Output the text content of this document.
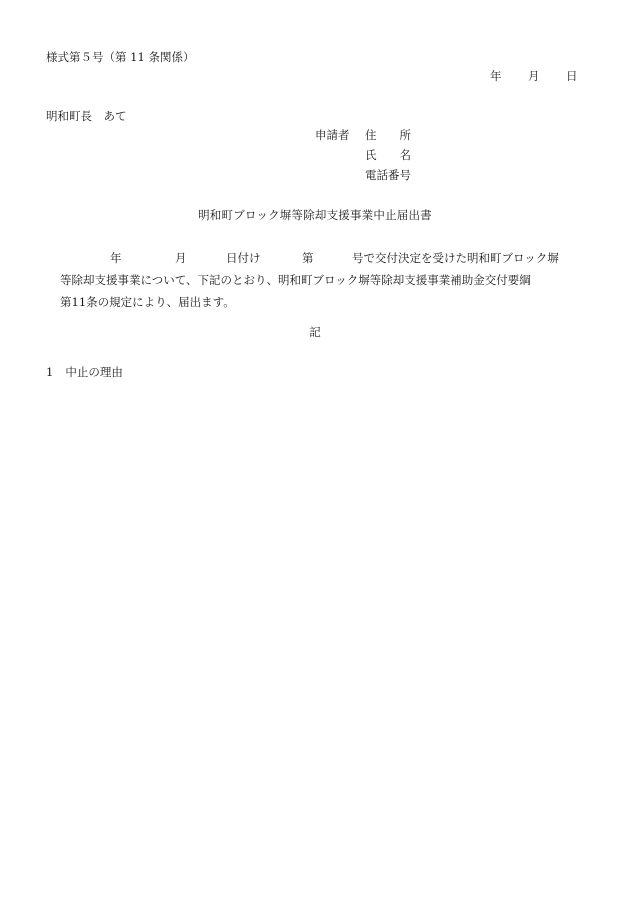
様式第５号（第 11 条関係）
年 月 日
明和町長　あて
申請者 住　　所
氏　　名
電話番号
明和町ブロック塀等除却支援事業中止届出書
年	月	日付け	第	号で交付決定を受けた明和町ブロック塀
等除却支援事業について、下記のとおり、明和町ブロック塀等除却支援事業補助金交付要綱
第11条の規定により、届出ます。
記
1 中止の理由
